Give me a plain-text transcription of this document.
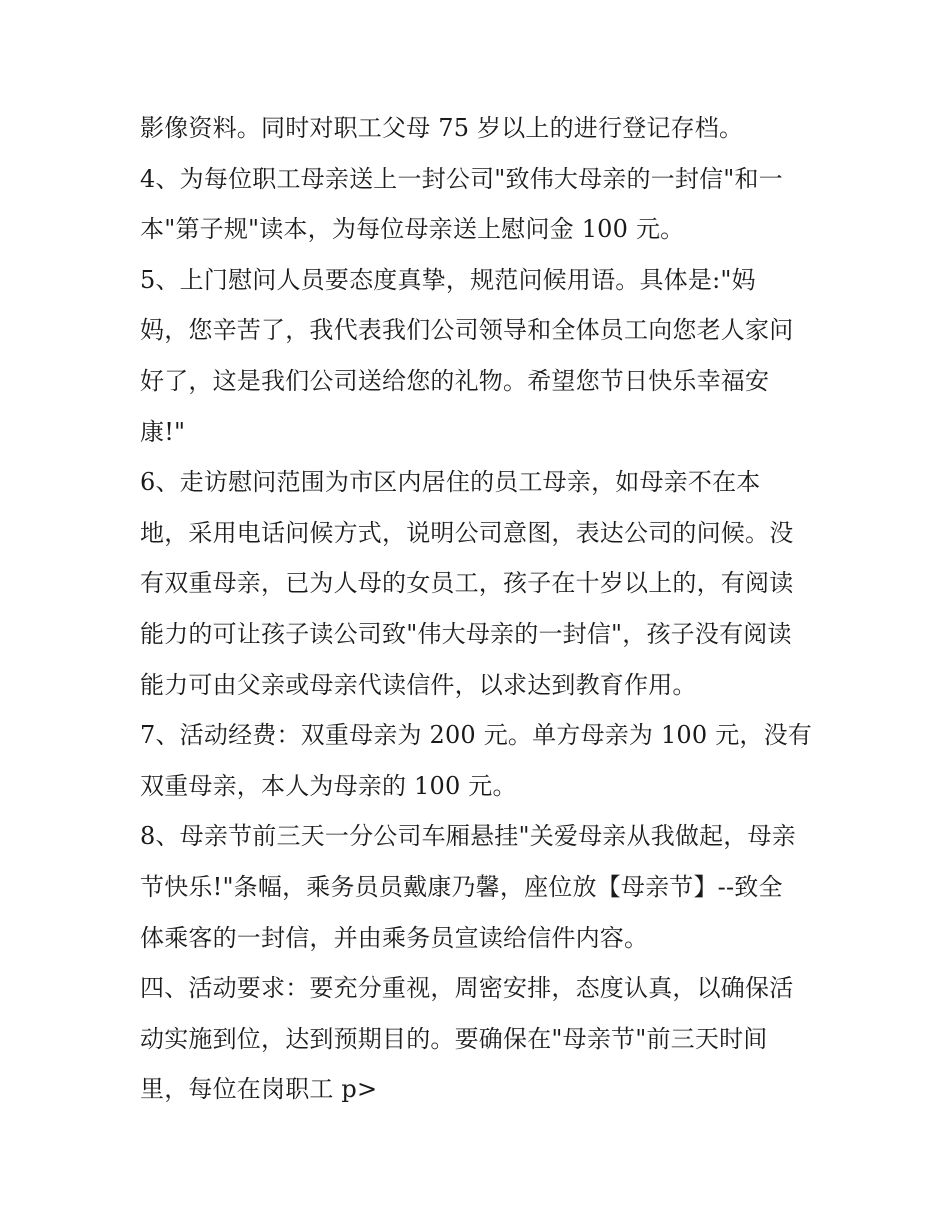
影像资料。同时对职工父母 75 岁以上的进行登记存档。
4、为每位职工母亲送上一封公司"致伟大母亲的一封信"和一
本"第子规"读本，为每位母亲送上慰问金 100 元。
5、上门慰问人员要态度真挚，规范问候用语。具体是:"妈
妈，您辛苦了，我代表我们公司领导和全体员工向您老人家问
好了，这是我们公司送给您的礼物。希望您节日快乐幸福安
康!"
6、走访慰问范围为市区内居住的员工母亲，如母亲不在本
地，采用电话问候方式，说明公司意图，表达公司的问候。没
有双重母亲，已为人母的女员工，孩子在十岁以上的，有阅读
能力的可让孩子读公司致"伟大母亲的一封信"，孩子没有阅读
能力可由父亲或母亲代读信件，以求达到教育作用。
7、活动经费：双重母亲为 200 元。单方母亲为 100 元，没有
双重母亲，本人为母亲的 100 元。
8、母亲节前三天一分公司车厢悬挂"关爱母亲从我做起，母亲
节快乐!"条幅，乘务员员戴康乃馨，座位放【母亲节】--致全
体乘客的一封信，并由乘务员宣读给信件内容。
四、活动要求：要充分重视，周密安排，态度认真，以确保活
动实施到位，达到预期目的。要确保在"母亲节"前三天时间
里，每位在岗职工 p>
